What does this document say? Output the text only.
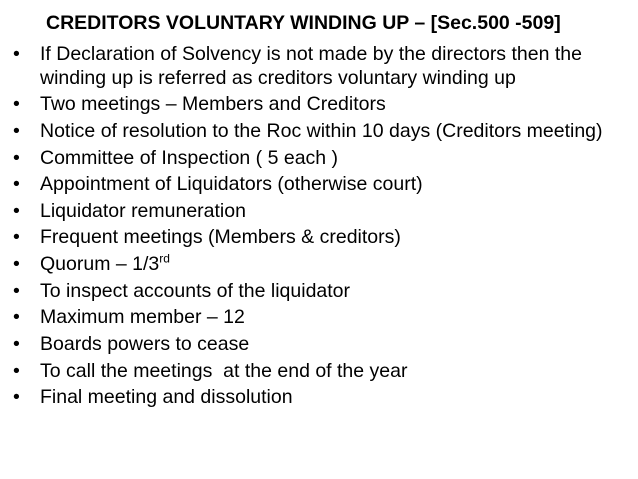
CREDITORS VOLUNTARY WINDING UP – [Sec.500 -509]
• If Declaration of Solvency is not made by the directors then the winding up is referred as creditors voluntary winding up
• Two meetings – Members and Creditors
• Notice of resolution to the Roc within 10 days (Creditors meeting)
• Committee of Inspection ( 5 each )
• Appointment of Liquidators (otherwise court)
• Liquidator remuneration
• Frequent meetings (Members & creditors)
• Quorum – 1/3rd
• To inspect accounts of the liquidator
• Maximum member – 12
• Boards powers to cease
• To call the meetings  at the end of the year
• Final meeting and dissolution
